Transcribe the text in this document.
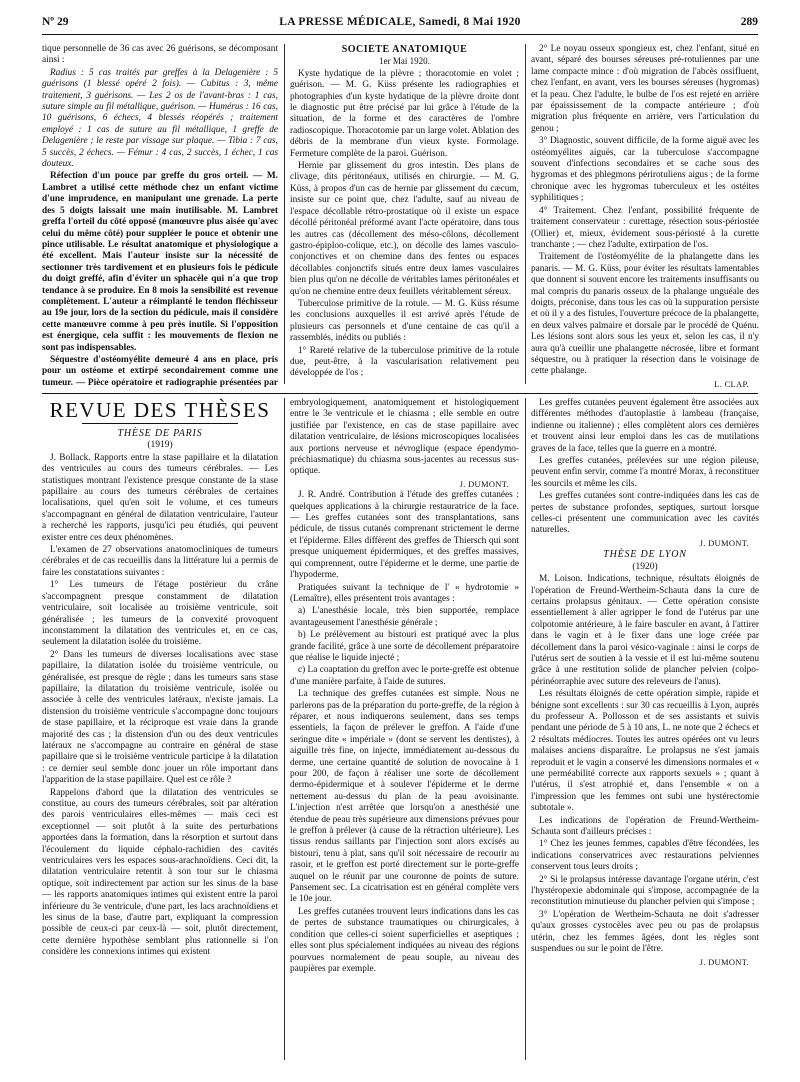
Nº 29	LA PRESSE MÉDICALE, Samedi, 8 Mai 1920	289

tique personnelle de 36 cas avec 26 guérisons, se décomposant ainsi :

Radius : 5 cas traités par greffes à la Delagenière : 5 guérisons (1 blessé opéré 2 fois). — Cubitus : 3, même traitement, 3 guérisons. — Les 2 os de l'avant-bras : 1 cas, suture simple au fil métallique, guérison. — Humérus : 16 cas, 10 guérisons, 6 échecs, 4 blessés réopérés ; traitement employé : 1 cas de suture au fil métallique, 1 greffe de Delagenière ; le reste par vissage sur plaque. — Tibia : 7 cas, 5 succès, 2 échecs. — Fémur : 4 cas, 2 succès, 1 échec, 1 cas douteux.

Réfection d'un pouce par greffe du gros orteil. — M. Lambret a utilisé cette méthode chez un enfant victime d'une imprudence, en manipulant une grenade. La perte des 5 doigts laissait une main inutilisable. M. Lambret greffa l'orteil du côté opposé (manœuvre plus aisée qu'avec celui du même côté) pour suppléer le pouce et obtenir une pince utilisable. Le résultat anatomique et physiologique a été excellent. Mais l'auteur insiste sur la nécessité de sectionner très tardivement et en plusieurs fois le pédicule du doigt greffé, afin d'éviter un sphacèle qui n'a que trop tendance à se produire. En 8 mois la sensibilité est revenue complètement. L'auteur a réimplanté le tendon fléchisseur au 19e jour, lors de la section du pédicule, mais il considère cette manœuvre comme à peu près inutile. Si l'opposition est énergique, cela suffit : les mouvements de flexion ne sont pas indispensables.

Séquestre d'ostéomyélite demeuré 4 ans en place, pris pour un ostéome et extirpé secondairement comme une tumeur. — Pièce opératoire et radiographie présentées par

SOCIÉTÉ ANATOMIQUE

1er Mai 1920.

Kyste hydatique de la plèvre ; thoracotomie en volet ; guérison. — M. G. Küss présente les radiographies et photographies d'un kyste hydatique de la plèvre droite dont le diagnostic put être précisé par lui grâce à l'étude de la situation, de la forme et des caractères de l'ombre radioscopique. Thoracotomie par un large volet. Ablation des débris de la membrane d'un vieux kyste. Formolage. Fermeture complète de la paroi. Guérison.

Hernie par glissement du gros intestin. Des plans de clivage, dits péritonéaux, utilisés en chirurgie. — M. G. Küss, à propos d'un cas de hernie par glissement du cæcum, insiste sur ce point que, chez l'adulte, sauf au niveau de l'espace décollable rétro-prostatique où il existe un espace décollé péritonéal préformé avant l'acte opératoire, dans tous les autres cas (décollement des méso-côlons, décollement gastro-épiploo-colique, etc.), on décolle des lames vasculo-conjonctives et on chemine dans des fentes ou espaces décollables conjonctifs situés entre deux lames vasculaires bien plus qu'on ne décolle de véritables lames péritonéales et qu'on ne chemine entre deux feuillets véritablement séreux.

Tuberculose primitive de la rotule. — M. G. Küss résume les conclusions auxquelles il est arrivé après l'étude de plusieurs cas personnels et d'une centaine de cas qu'il a rassemblés, inédits ou publiés :

1° Rareté relative de la tuberculose primitive de la rotule due, peut-être, à la vascularisation relativement peu développée de l'os ;

2° Le noyau osseux spongieux est, chez l'enfant, situé en avant, séparé des bourses séreuses pré-rotuliennes par une lame compacte mince : d'où migration de l'abcès ossifluent, chez l'enfant, en avant, vers les bourses séreuses (hygromas) et la peau. Chez l'adulte, le bulbe de l'os est rejeté en arrière par épaississement de la compacte antérieure ; d'où migration plus fréquente en arrière, vers l'articulation du genou ;

3° Diagnostic, souvent difficile, de la forme aiguë avec les ostéomyélites aiguës, car la tuberculose s'accompagne souvent d'infections secondaires et se cache sous des hygromas et des phlegmons périrotuliens aigus ; de la forme chronique avec les hygromas tuberculeux et les ostéites syphilitiques ;

4° Traitement. Chez l'enfant, possibilité fréquente de traitement conservateur : curettage, résection sous-périostée (Ollier) et, mieux, évidement sous-périosté à la curette tranchante ; — chez l'adulte, extirpation de l'os.

Traitement de l'ostéomyélite de la phalangette dans les panaris. — M. G. Küss, pour éviter les résultats lamentables que donnent si souvent encore les traitements insuffisants ou mal compris du panaris osseux de la phalange unguéale des doigts, préconise, dans tous les cas où la suppuration persiste et où il y a des fistules, l'ouverture précoce de la phalangette, en deux valves palmaire et dorsale par le procédé de Quénu. Les lésions sont alors sous les yeux et, selon les cas, il n'y aura qu'à cueillir une phalangette nécrosée, libre et formant séquestre, ou à pratiquer la résection dans le voisinage de cette phalange.

L. CLAP.

REVUE DES THÈSES

THÈSE DE PARIS

(1919)

J. Bollack. Rapports entre la stase papillaire et la dilatation des ventricules au cours des tumeurs cérébrales. — Les statistiques montrant l'existence presque constante de la stase papillaire au cours des tumeurs cérébrales de certaines localisations, quel qu'en soit le volume, et ces tumeurs s'accompagnant en général de dilatation ventriculaire, l'auteur a recherché les rapports, jusqu'ici peu étudiés, qui peuvent exister entre ces deux phénomènes.

L'examen de 27 observations anatomocliniques de tumeurs cérébrales et de cas recueillis dans la littérature lui a permis de faire les constatations suivantes :

1° Les tumeurs de l'étage postérieur du crâne s'accompagnent presque constamment de dilatation ventriculaire, soit localisée au troisième ventricule, soit généralisée ; les tumeurs de la convexité provoquent inconstamment la dilatation des ventricules et, en ce cas, seulement la dilatation isolée du troisième.

2° Dans les tumeurs de diverses localisations avec stase papillaire, la dilatation isolée du troisième ventricule, ou généralisée, est presque de règle ; dans les tumeurs sans stase papillaire, la dilatation du troisième ventricule, isolée ou associée à celle des ventricules latéraux, n'existe jamais. La distension du troisième ventricule s'accompagne donc toujours de stase papillaire, et la réciproque est vraie dans la grande majorité des cas ; la distension d'un ou des deux ventricules latéraux ne s'accompagne au contraire en général de stase papillaire que si le troisième ventricule participe à la dilatation : ce dernier seul semble donc jouer un rôle important dans l'apparition de la stase papillaire. Quel est ce rôle ?

Rappelons d'abord que la dilatation des ventricules se constitue, au cours des tumeurs cérébrales, soit par altération des parois ventriculaires elles-mêmes — mais ceci est exceptionnel — soit plutôt à la suite des perturbations apportées dans la formation, dans la résorption et surtout dans l'écoulement du liquide céphalo-rachidien des cavités ventriculaires vers les espaces sous-arachnoïdiens. Ceci dit, la dilatation ventriculaire retentit à son tour sur le chiasma optique, soit indirectement par action sur les sinus de la base — les rapports anatomiques intimes qui existent entre la paroi inférieure du 3e ventricule, d'une part, les lacs arachnoïdiens et les sinus de la base, d'autre part, expliquant la compression possible de ceux-ci par ceux-là — soit, plutôt directement, cette dernière hypothèse semblant plus rationnelle si l'on considère les connexions intimes qui existent

embryologiquement, anatomiquement et histologiquement entre le 3e ventricule et le chiasma ; elle semble en outre justifiée par l'existence, en cas de stase papillaire avec dilatation ventriculaire, de lésions microscopiques localisées aux portions nerveuse et névroglique (espace épendymo-préchiasmatique) du chiasma sous-jacentes au recessus sus-optique.

J. DUMONT.

J. R. André. Contribution à l'étude des greffes cutanées : quelques applications à la chirurgie restauratrice de la face. — Les greffes cutanées sont des transplantations, sans pédicule, de tissus cutanés comprenant strictement le derme et l'épiderme. Elles diffèrent des greffes de Thiersch qui sont presque uniquement épidermiques, et des greffes massives, qui comprennent, outre l'épiderme et le derme, une partie de l'hypoderme.

Pratiquées suivant la technique de l' « hydrotomie » (Lemaître), elles présentent trois avantages :

a) L'anesthésie locale, très bien supportée, remplace avantageusement l'anesthésie générale ;

b) Le prélèvement au bistouri est pratiqué avec la plus grande facilité, grâce à une sorte de décollement préparatoire que réalise le liquide injecté ;

c) La coaptation du greffon avec le porte-greffe est obtenue d'une manière parfaite, à l'aide de sutures.

La technique des greffes cutanées est simple. Nous ne parlerons pas de la préparation du porte-greffe, de la région à réparer, et nous indiquerons seulement, dans ses temps essentiels, la façon de prélever le greffon. A l'aide d'une seringue dite « impériale » (dont se servent les dentistes), à aiguille très fine, on injecte, immédiatement au-dessous du derme, une certaine quantité de solution de novocaïne à 1 pour 200, de façon à réaliser une sorte de décollement dermo-épidermique et à soulever l'épiderme et le derme nettement au-dessus du plan de la peau avoisinante. L'injection n'est arrêtée que lorsqu'on a anesthésié une étendue de peau très supérieure aux dimensions prévues pour le greffon à prélever (à cause de la rétraction ultérieure). Les tissus rendus saillants par l'injection sont alors excisés au bistouri, tenu à plat, sans qu'il soit nécessaire de recourir au rasoir, et le greffon est porté directement sur le porte-greffe auquel on le réunit par une couronne de points de suture. Pansement sec. La cicatrisation est en général complète vers le 10e jour.

Les greffes cutanées trouvent leurs indications dans les cas de pertes de substance traumatiques ou chirurgicales, à condition que celles-ci soient superficielles et aseptiques ; elles sont plus spécialement indiquées au niveau des régions pourvues normalement de peau souple, au niveau des paupières par exemple.

Les greffes cutanées peuvent également être associées aux différentes méthodes d'autoplastie à lambeau (française, indienne ou italienne) ; elles complètent alors ces dernières et trouvent ainsi leur emploi dans les cas de mutilations graves de la face, telles que la guerre en a montré.

Les greffes cutanées, prélevées sur une région pileuse, peuvent enfin servir, comme l'a montré Morax, à reconstituer les sourcils et même les cils.

Les greffes cutanées sont contre-indiquées dans les cas de pertes de substance profondes, septiques, surtout lorsque celles-ci présentent une communication avec les cavités naturelles.

J. DUMONT.

THÈSE DE LYON

(1920)

M. Loison. Indications, technique, résultats éloignés de l'opération de Freund-Wertheim-Schauta dans la cure de certains prolapsus génitaux. — Cette opération consiste essentiellement à aller agripper le fond de l'utérus par une colpotomie antérieure, à le faire basculer en avant, à l'attirer dans le vagin et à le fixer dans une loge créée par décollement dans la paroi vésico-vaginale : ainsi le corps de l'utérus sert de soutien à la vessie et il est lui-même soutenu grâce à une restitution solide de plancher pelvien (colpo-périnéorraphie avec suture des releveurs de l'anus).

Les résultats éloignés de cette opération simple, rapide et bénigne sont excellents : sur 30 cas recueillis à Lyon, auprès du professeur A. Pollosson et de ses assistants et suivis pendant une période de 5 à 10 ans, L. ne note que 2 échecs et 2 résultats médiocres. Toutes les autres opérées ont vu leurs malaises anciens disparaître. Le prolapsus ne s'est jamais reproduit et le vagin a conservé les dimensions normales et « une perméabilité correcte aux rapports sexuels » ; quant à l'utérus, il s'est atrophié et, dans l'ensemble « on a l'impression que les femmes ont subi une hystérectomie subtotale ».

Les indications de l'opération de Freund-Wertheim-Schauta sont d'ailleurs précises :

1° Chez les jeunes femmes, capables d'être fécondées, les indications conservatrices avec restaurations pelviennes conservent tous leurs droits ;

2° Si le prolapsus intéresse davantage l'organe utérin, c'est l'hystéropexie abdominale qui s'impose, accompagnée de la reconstitution minutieuse du plancher pelvien qui s'impose ;

3° L'opération de Wertheim-Schauta ne doit s'adresser qu'aux grosses cystocèles avec peu ou pas de prolapsus utérin, chez les femmes âgées, dont les règles sont suspendues ou sur le point de l'être.

J. DUMONT.
